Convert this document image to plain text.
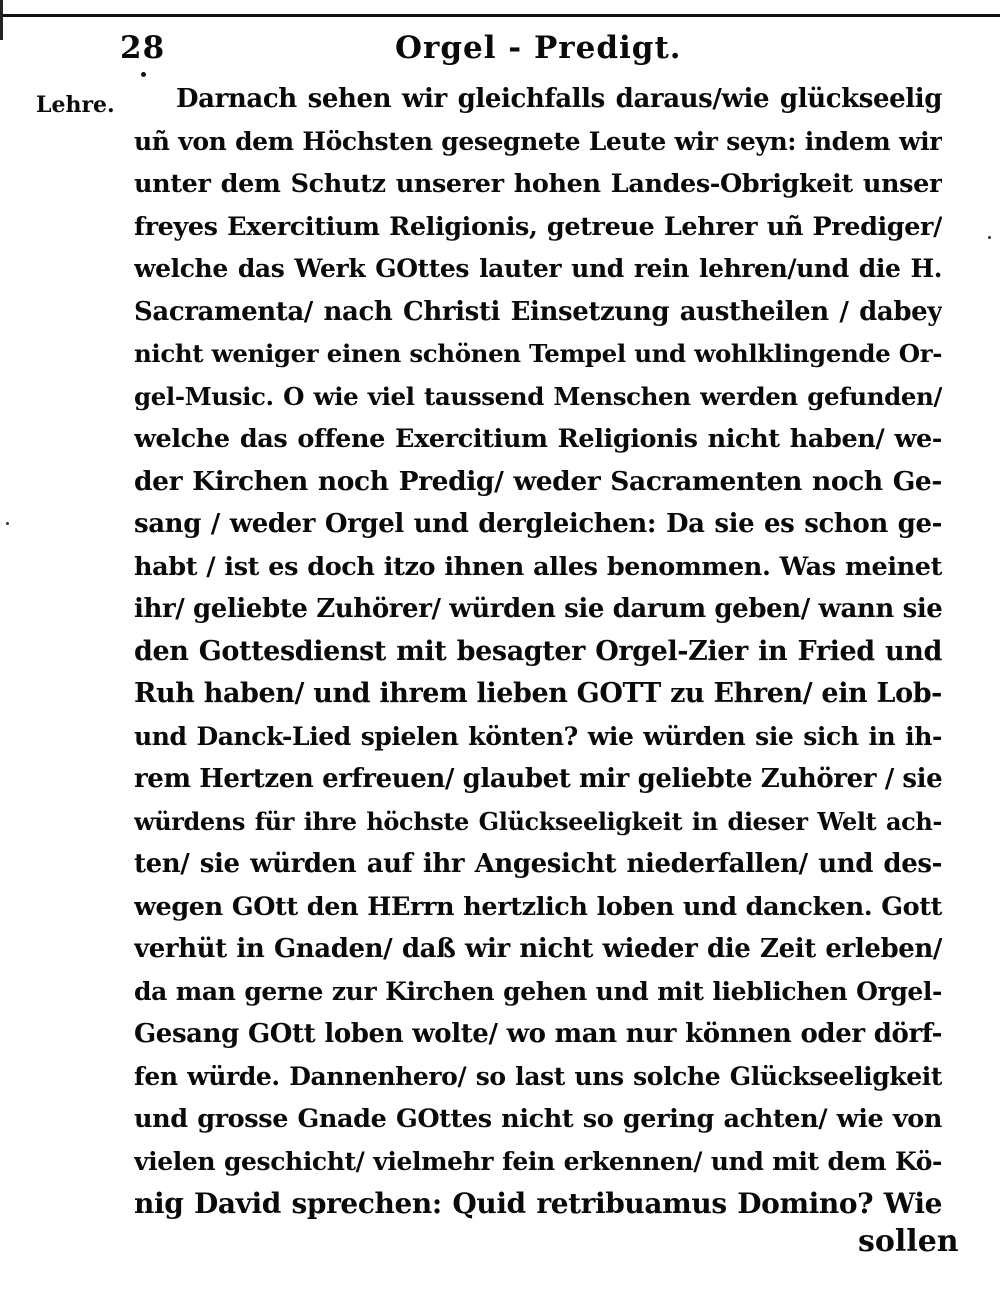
28	Orgel - Predigt.
Lehre.	Darnach sehen wir gleichfalls daraus/wie glückseelig
uñ von dem Höchsten gesegnete Leute wir seyn: indem wir
unter dem Schutz unserer hohen Landes-Obrigkeit unser
freyes Exercitium Religionis, getreue Lehrer uñ Prediger/
welche das Werk GOttes lauter und rein lehren/und die H.
Sacramenta/ nach Christi Einsetzung austheilen / dabey
nicht weniger einen schönen Tempel und wohlklingende Or-
gel-Music. O wie viel taussend Menschen werden gefunden/
welche das offene Exercitium Religionis nicht haben/ we-
der Kirchen noch Predig/ weder Sacramenten noch Ge-
sang / weder Orgel und dergleichen: Da sie es schon ge-
habt / ist es doch itzo ihnen alles benommen. Was meinet
ihr/ geliebte Zuhörer/ würden sie darum geben/ wann sie
den Gottesdienst mit besagter Orgel-Zier in Fried und
Ruh haben/ und ihrem lieben GOTT zu Ehren/ ein Lob-
und Danck-Lied spielen könten? wie würden sie sich in ih-
rem Hertzen erfreuen/ glaubet mir geliebte Zuhörer / sie
würdens für ihre höchste Glückseeligkeit in dieser Welt ach-
ten/ sie würden auf ihr Angesicht niederfallen/ und des-
wegen GOtt den HErrn hertzlich loben und dancken. Gott
verhüt in Gnaden/ daß wir nicht wieder die Zeit erleben/
da man gerne zur Kirchen gehen und mit lieblichen Orgel-
Gesang GOtt loben wolte/ wo man nur können oder dörf-
fen würde. Dannenhero/ so last uns solche Glückseeligkeit
und grosse Gnade GOttes nicht so gering achten/ wie von
vielen geschicht/ vielmehr fein erkennen/ und mit dem Kö-
nig David sprechen: Quid retribuamus Domino? Wie
sollen
